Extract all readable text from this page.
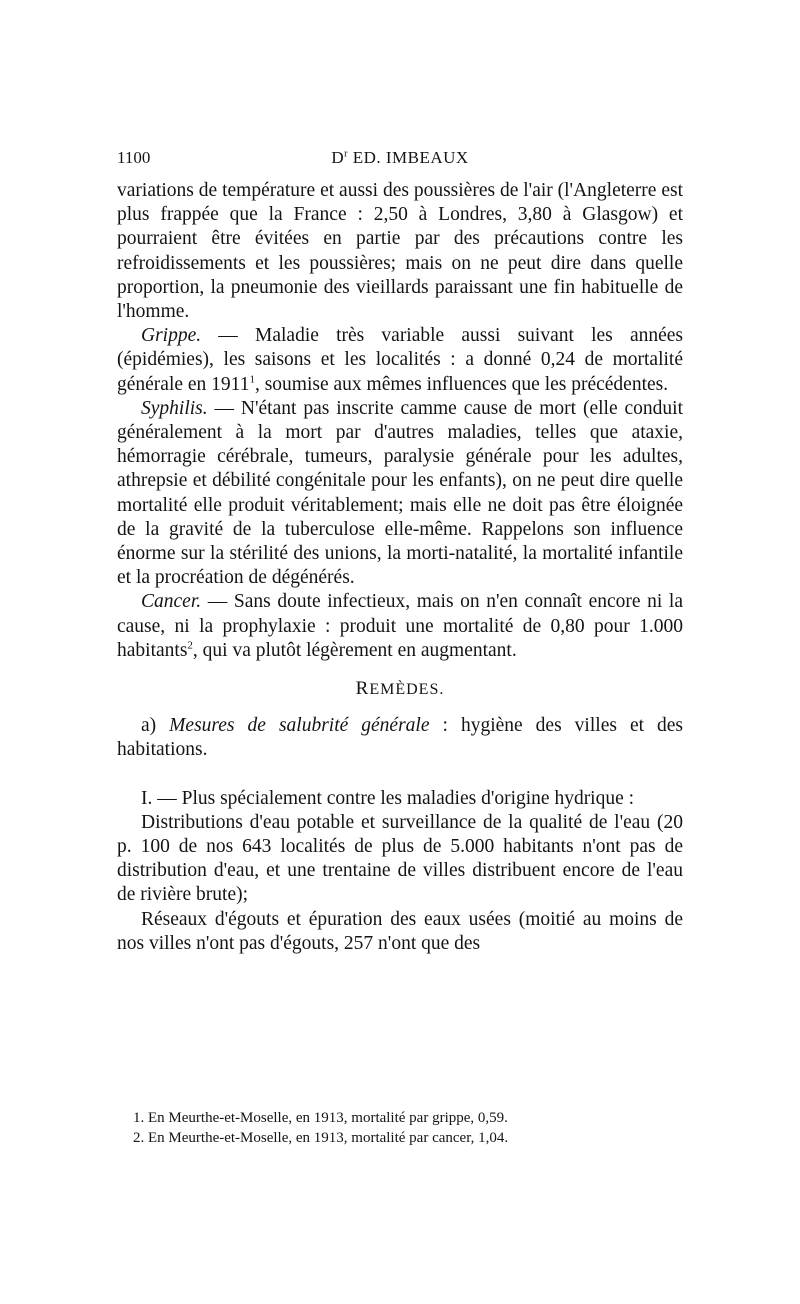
1100	$D^r$ ED. IMBEAUX

variations de température et aussi des poussières de l'air (l'Angleterre est plus frappée que la France : 2,50 à Londres, 3,80 à Glasgow) et pourraient être évitées en partie par des précautions contre les refroidissements et les poussières; mais on ne peut dire dans quelle proportion, la pneumonie des vieillards paraissant une fin habituelle de l'homme.

Grippe. — Maladie très variable aussi suivant les années (épidémies), les saisons et les localités : a donné 0,24 de mortalité générale en 1911$^1$, soumise aux mêmes influences que les précédentes.

Syphilis. — N'étant pas inscrite camme cause de mort (elle conduit généralement à la mort par d'autres maladies, telles que ataxie, hémorragie cérébrale, tumeurs, paralysie générale pour les adultes, athrepsie et débilité congénitale pour les enfants), on ne peut dire quelle mortalité elle produit véritablement; mais elle ne doit pas être éloignée de la gravité de la tuberculose elle-même. Rappelons son influence énorme sur la stérilité des unions, la morti-natalité, la mortalité infantile et la procréation de dégénérés.

Cancer. — Sans doute infectieux, mais on n'en connaît encore ni la cause, ni la prophylaxie : produit une mortalité de 0,80 pour 1.000 habitants$^2$, qui va plutôt légèrement en augmentant.

REMÈDES.

a) Mesures de salubrité générale : hygiène des villes et des habitations.

I. — Plus spécialement contre les maladies d'origine hydrique :

Distributions d'eau potable et surveillance de la qualité de l'eau (20 p. 100 de nos 643 localités de plus de 5.000 habitants n'ont pas de distribution d'eau, et une trentaine de villes distribuent encore de l'eau de rivière brute);

Réseaux d'égouts et épuration des eaux usées (moitié au moins de nos villes n'ont pas d'égouts, 257 n'ont que des

1. En Meurthe-et-Moselle, en 1913, mortalité par grippe, 0,59.

2. En Meurthe-et-Moselle, en 1913, mortalité par cancer, 1,04.
